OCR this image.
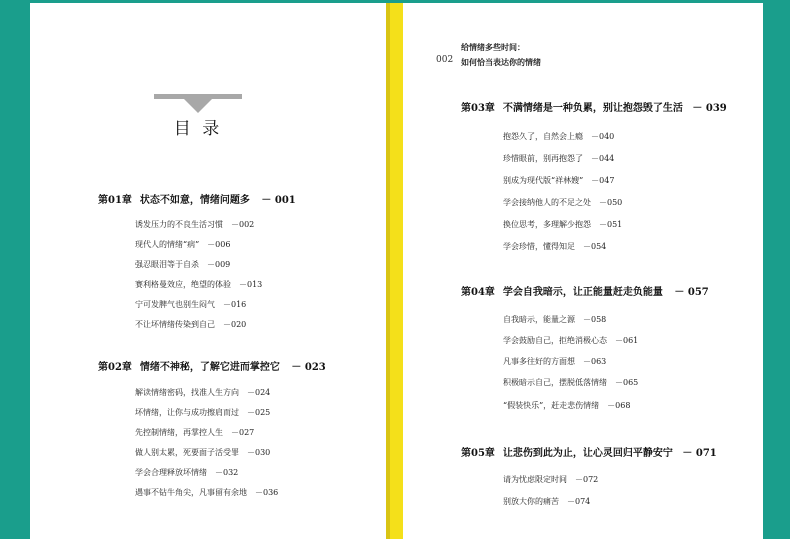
目 录
002
给情绪多些时间：
如何恰当表达你的情绪
第01章 状态不如意，情绪问题多 － 001
诱发压力的不良生活习惯　－002
现代人的情绪“病”　－006
强忍眼泪等于自杀　－009
赛利格曼效应，绝望的体验　－013
宁可发脾气也别生闷气　－016
不让坏情绪传染到自己　－020
第02章 情绪不神秘，了解它进而掌控它 － 023
解读情绪密码，找准人生方向　－024
坏情绪，让你与成功擦肩而过　－025
先控制情绪，再掌控人生　－027
做人别太累，死要面子活受罪　－030
学会合理释放坏情绪　－032
遇事不钻牛角尖，凡事留有余地　－036
第03章 不满情绪是一种负累，别让抱怨毁了生活 － 039
抱怨久了，自然会上瘾　－040
珍惜眼前，别再抱怨了　－044
别成为现代版“祥林嫂”　－047
学会接纳他人的不足之处　－050
换位思考，多理解少抱怨　－051
学会珍惜，懂得知足　－054
第04章 学会自我暗示，让正能量赶走负能量 － 057
自我暗示，能量之源　－058
学会鼓励自己，拒绝消极心态　－061
凡事多往好的方面想　－063
积极暗示自己，摆脱低落情绪　－065
“假装快乐”，赶走悲伤情绪　－068
第05章 让悲伤到此为止，让心灵回归平静安宁 － 071
请为忧虑限定时间　－072
别放大你的痛苦　－074
